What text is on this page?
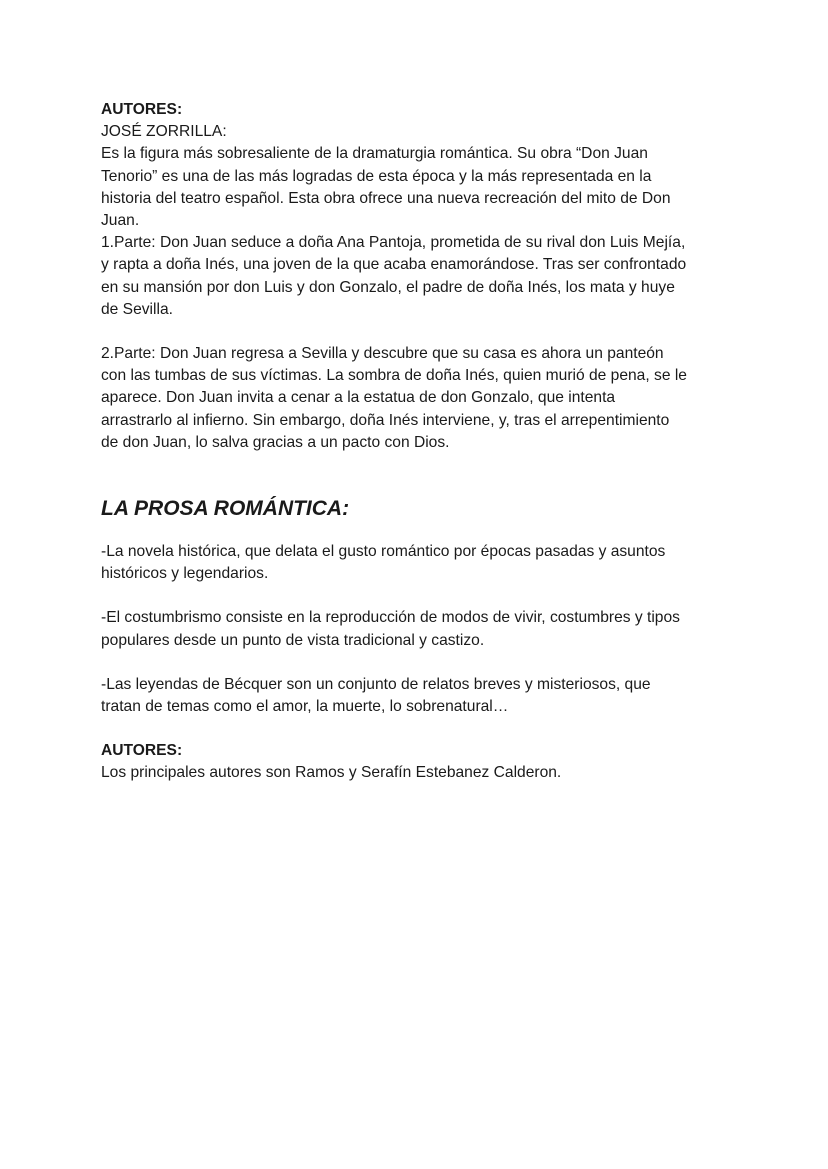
AUTORES:

JOSÉ ZORRILLA:

Es la figura más sobresaliente de la dramaturgia romántica. Su obra “Don Juan

Tenorio” es una de las más logradas de esta época y la más representada en la

historia del teatro español. Esta obra ofrece una nueva recreación del mito de Don

Juan.

1.Parte: Don Juan seduce a doña Ana Pantoja, prometida de su rival don Luis Mejía,

y rapta a doña Inés, una joven de la que acaba enamorándose. Tras ser confrontado

en su mansión por don Luis y don Gonzalo, el padre de doña Inés, los mata y huye

de Sevilla.

2.Parte: Don Juan regresa a Sevilla y descubre que su casa es ahora un panteón

con las tumbas de sus víctimas. La sombra de doña Inés, quien murió de pena, se le

aparece. Don Juan invita a cenar a la estatua de don Gonzalo, que intenta

arrastrarlo al infierno. Sin embargo, doña Inés interviene, y, tras el arrepentimiento

de don Juan, lo salva gracias a un pacto con Dios.

LA PROSA ROMÁNTICA:

-La novela histórica, que delata el gusto romántico por épocas pasadas y asuntos

históricos y legendarios.

-El costumbrismo consiste en la reproducción de modos de vivir, costumbres y tipos

populares desde un punto de vista tradicional y castizo.

-Las leyendas de Bécquer son un conjunto de relatos breves y misteriosos, que

tratan de temas como el amor, la muerte, lo sobrenatural…

AUTORES:

Los principales autores son Ramos y Serafín Estebanez Calderon.
